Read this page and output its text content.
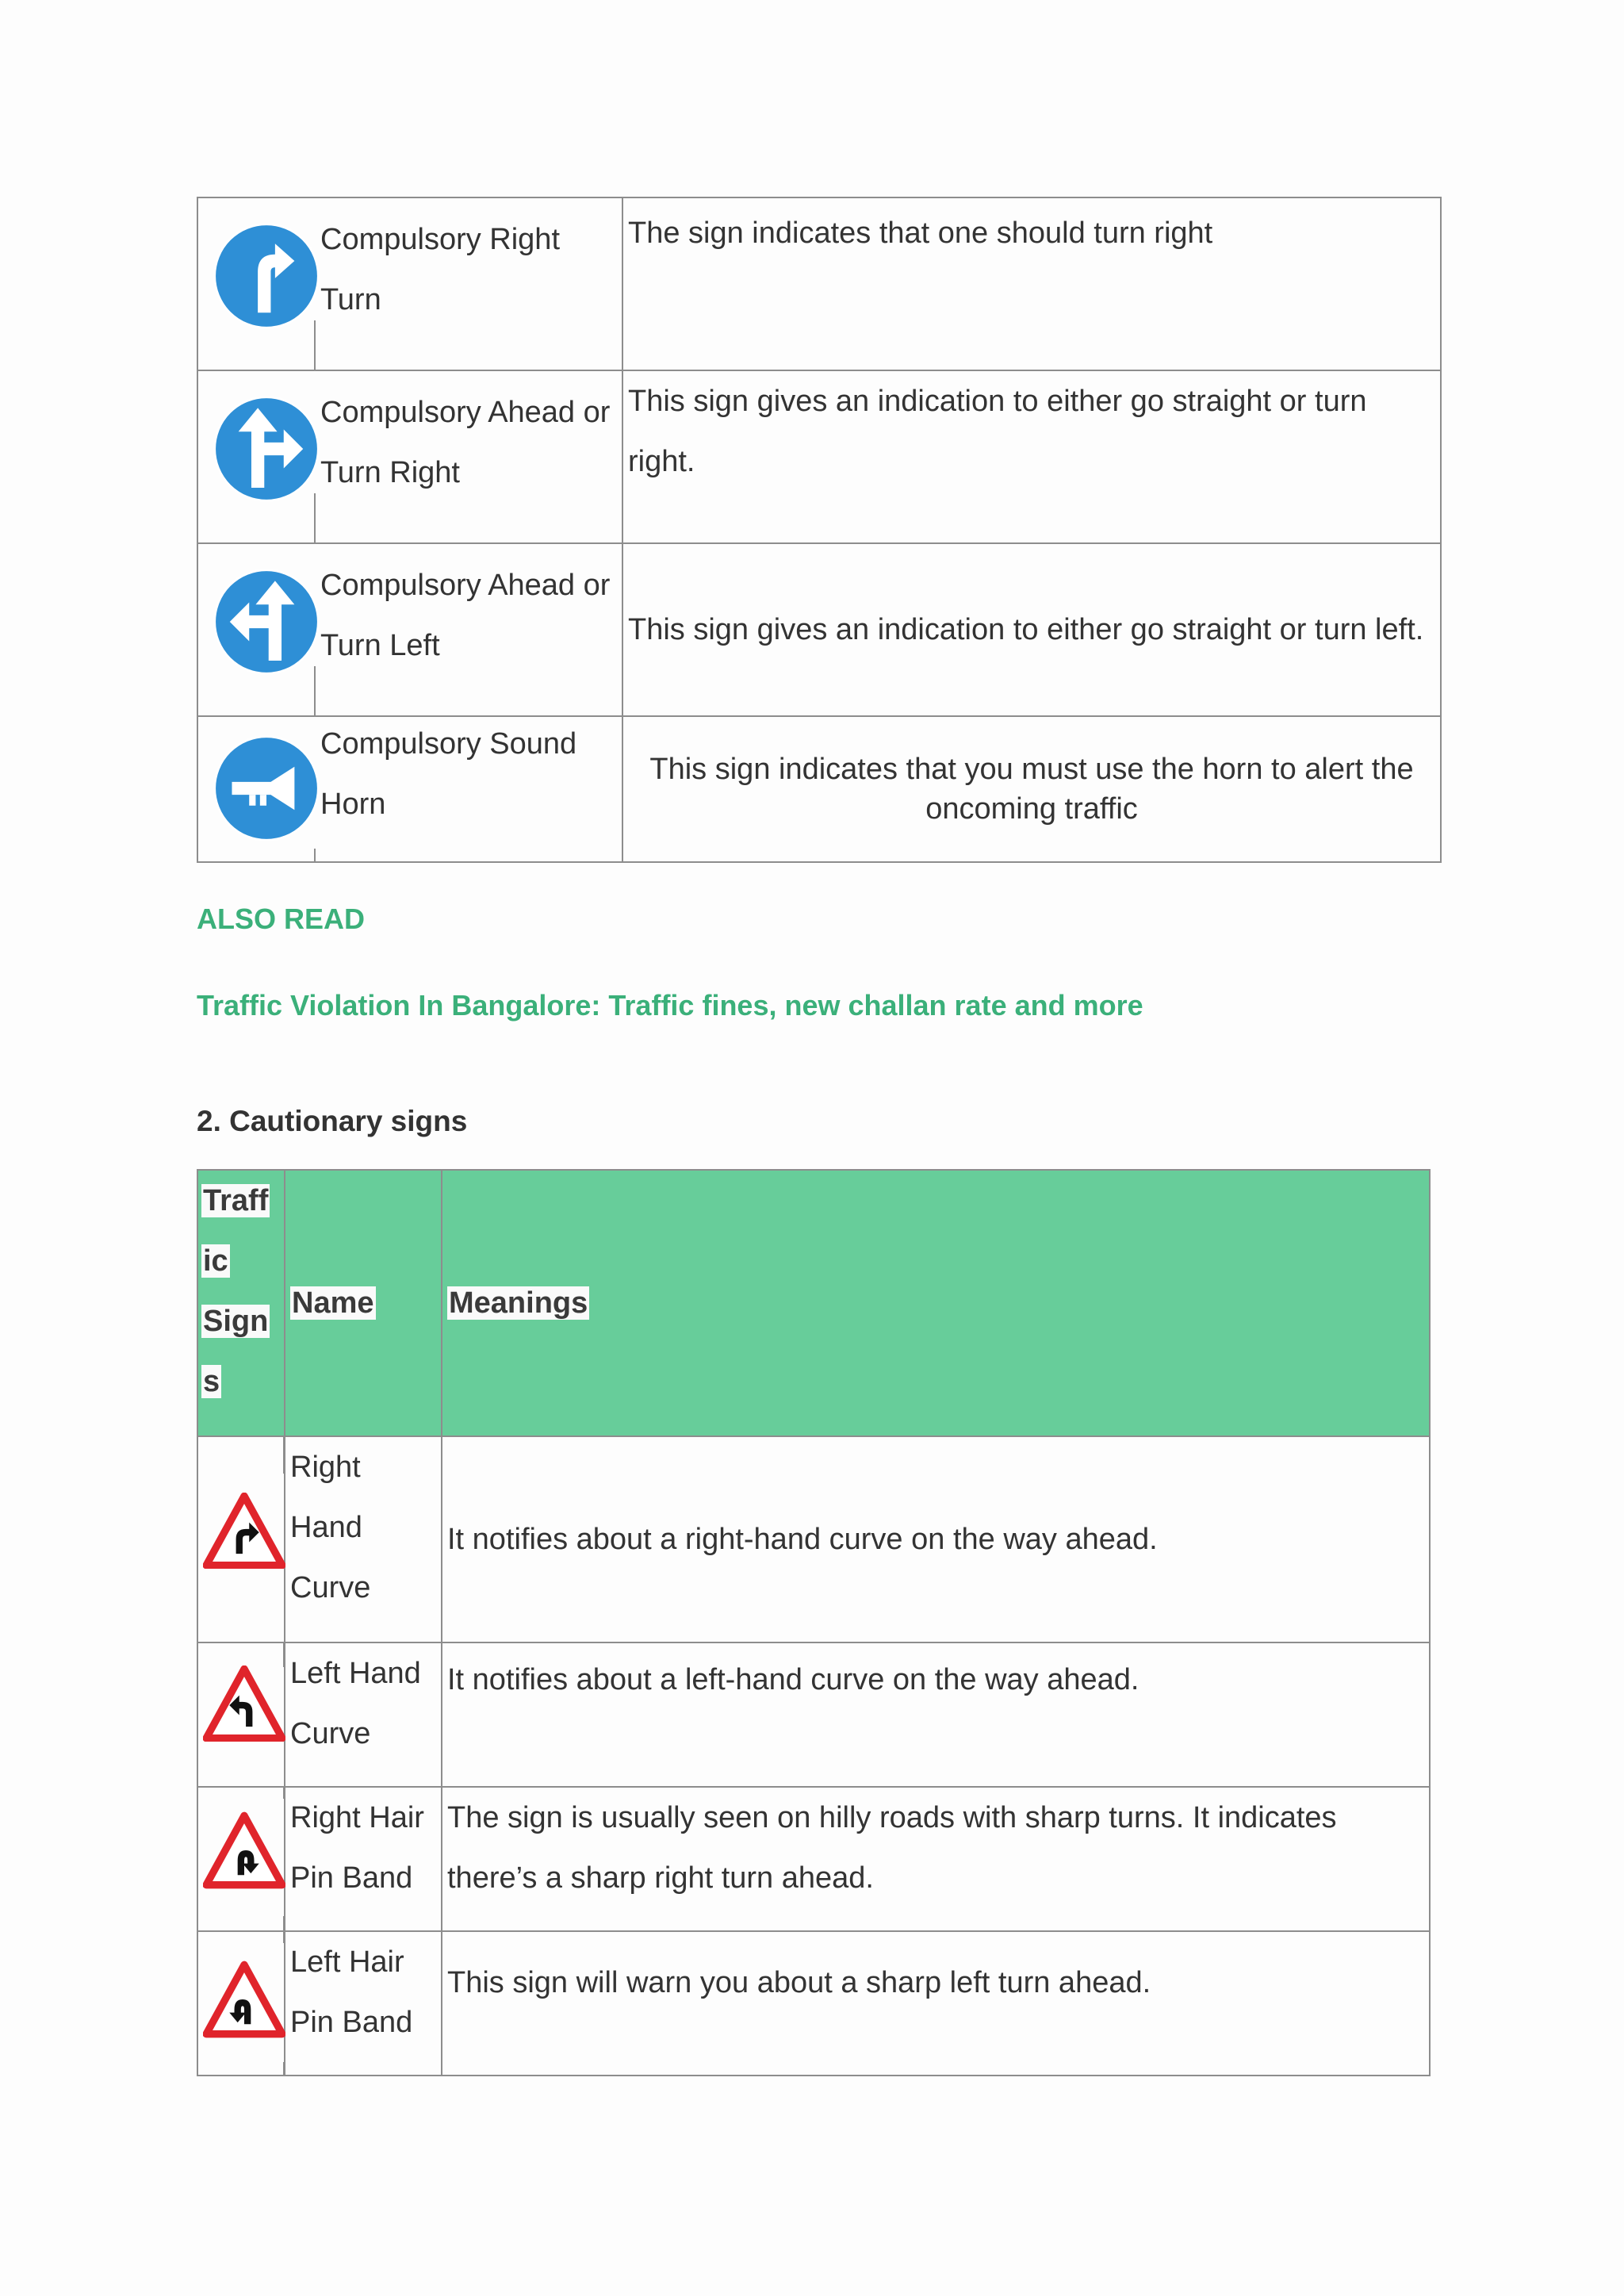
Compulsory Right
Turn	The sign indicates that one should turn right

Compulsory Ahead or
Turn Right	This sign gives an indication to either go straight or turn right.

Compulsory Ahead or
Turn Left	This sign gives an indication to either go straight or turn left.

Compulsory Sound
Horn	This sign indicates that you must use the horn to alert the oncoming traffic
ALSO READ
Traffic Violation In Bangalore: Traffic fines, new challan rate and more
2. Cautionary signs
Traff
ic
Sign
s	Name	Meanings

Right
Hand
Curve	It notifies about a right-hand curve on the way ahead.

Left Hand
Curve	It notifies about a left-hand curve on the way ahead.

Right Hair
Pin Band	The sign is usually seen on hilly roads with sharp turns. It indicates there’s a sharp right turn ahead.

Left Hair
Pin Band	This sign will warn you about a sharp left turn ahead.
